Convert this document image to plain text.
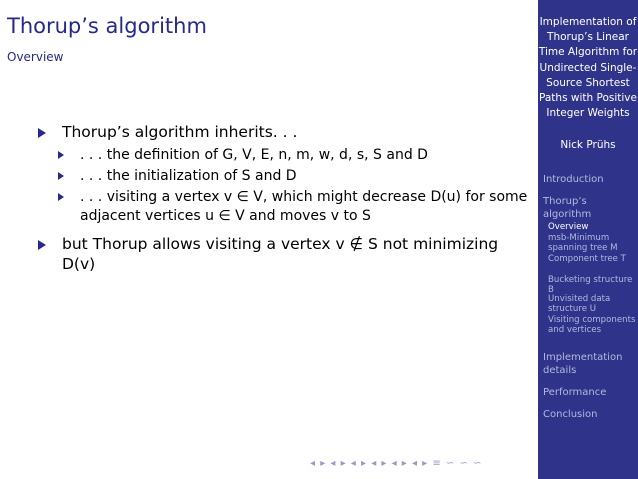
Thorup’s algorithm
Overview
Thorup’s algorithm inherits. . .
. . . the definition of G, V, E, n, m, w, d, s, S and D
. . . the initialization of S and D
. . . visiting a vertex v ∈ V, which might decrease D(u) for some adjacent vertices u ∈ V and moves v to S
but Thorup allows visiting a vertex v ∉ S not minimizing D(v)
◂ ▸ ◂ ▸ ◂ ▸ ◂ ▸ ◂ ▸ ◂ ▸ ≡ ∽ ∽ ∽
Implementation of Thorup’s Linear Time Algorithm for Undirected Single-Source Shortest Paths with Positive Integer Weights
Nick Prühs
Introduction
Thorup’s algorithm
Overview
msb-Minimum spanning tree M
Component tree T
Bucketing structure B
Unvisited data structure U
Visiting components and vertices
Implementation details
Performance
Conclusion
